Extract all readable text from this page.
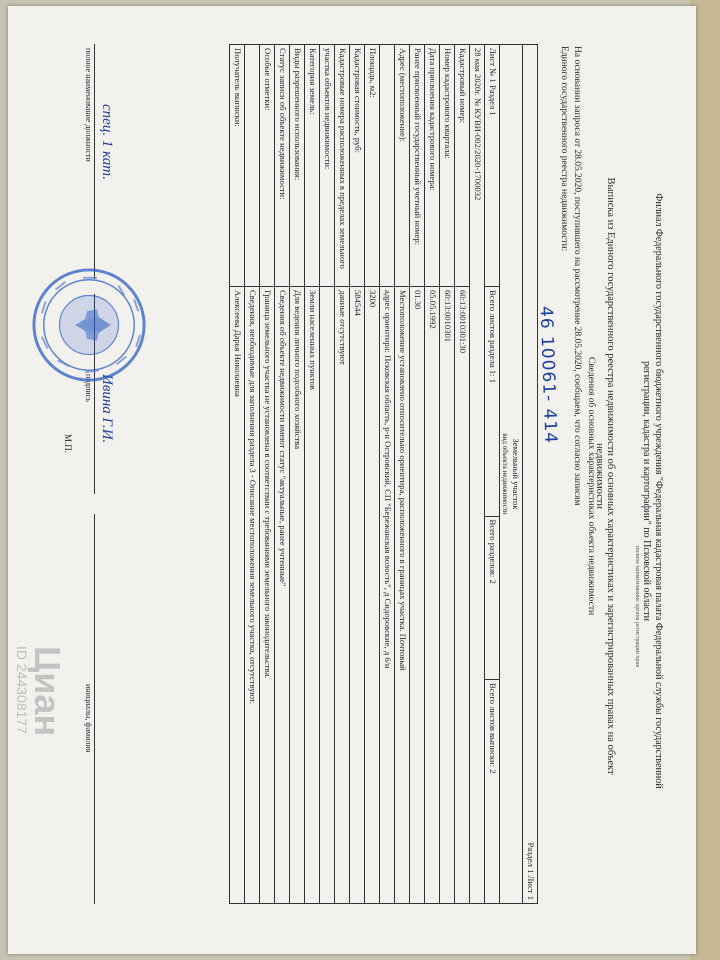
Филиал Федерального государственного бюджетного учреждения "Федеральная кадастровая палата Федеральной службы государственной регистрации, кадастра и картографии" по Псковской области
полное наименование органа регистрации прав
Выписка из Единого государственного реестра недвижимости об основных характеристиках и зарегистрированных правах на объект недвижимости
Сведения об основных характеристиках объекта недвижимости
На основании запроса от 28.05.2020, поступившего на рассмотрение 28.05.2020, сообщаем, что согласно записям
Единого государственного реестра недвижимости:
46 10061- 414
Раздел 1 Лист 1			
Земельный участок
вид объекта недвижимости			
Лист № 1 Раздел 1	Всего листов раздела 1: 1	Всего разделов: 2	Всего листов выписки: 2
28 мая 2020г. № КУВИ-002/2020-1700032			
Кадастровый номер:	60:13:0010301:30		
Номер кадастрового квартала:	60:13:0010301		
Дата присвоения кадастрового номера:	05.05.1992		
Ранее присвоенный государственный учетный номер:	01.30		
Адрес (местоположение):	Местоположение установлено относительно ориентира, расположенного в границах участка. Почтовый		
	адрес ориентира: Псковская область, р-н Островский, СП "Бережанская волость", д Сидоровские, д 6/н		
Площадь, м2:	3200		
Кадастровая стоимость, руб:	584544		
Кадастровые номера расположенных в пределах земельного	данные отсутствуют		
участка объектов недвижимости:			
Категория земель:	Земли населенных пунктов		
Виды разрешенного использования:	Для ведения личного подсобного хозяйства		
Статус записи об объекте недвижимости:	Сведения об объекте недвижимости имеют статус "актуальные, ранее учтенные"		
Особые отметки:	Граница земельного участка не установлена в соответствии с требованиями земельного законодательства.		
	Сведения, необходимые для заполнения раздела 3 - Описание местоположения земельного участка, отсутствуют.		
Получатель выписки:	Алексеева Дарья Николаевна		
спец. 1 кат.
Ивина Г.И.
полное наименование должности
подпись
инициалы, фамилия
М.П.
Циан
ID 244308177
